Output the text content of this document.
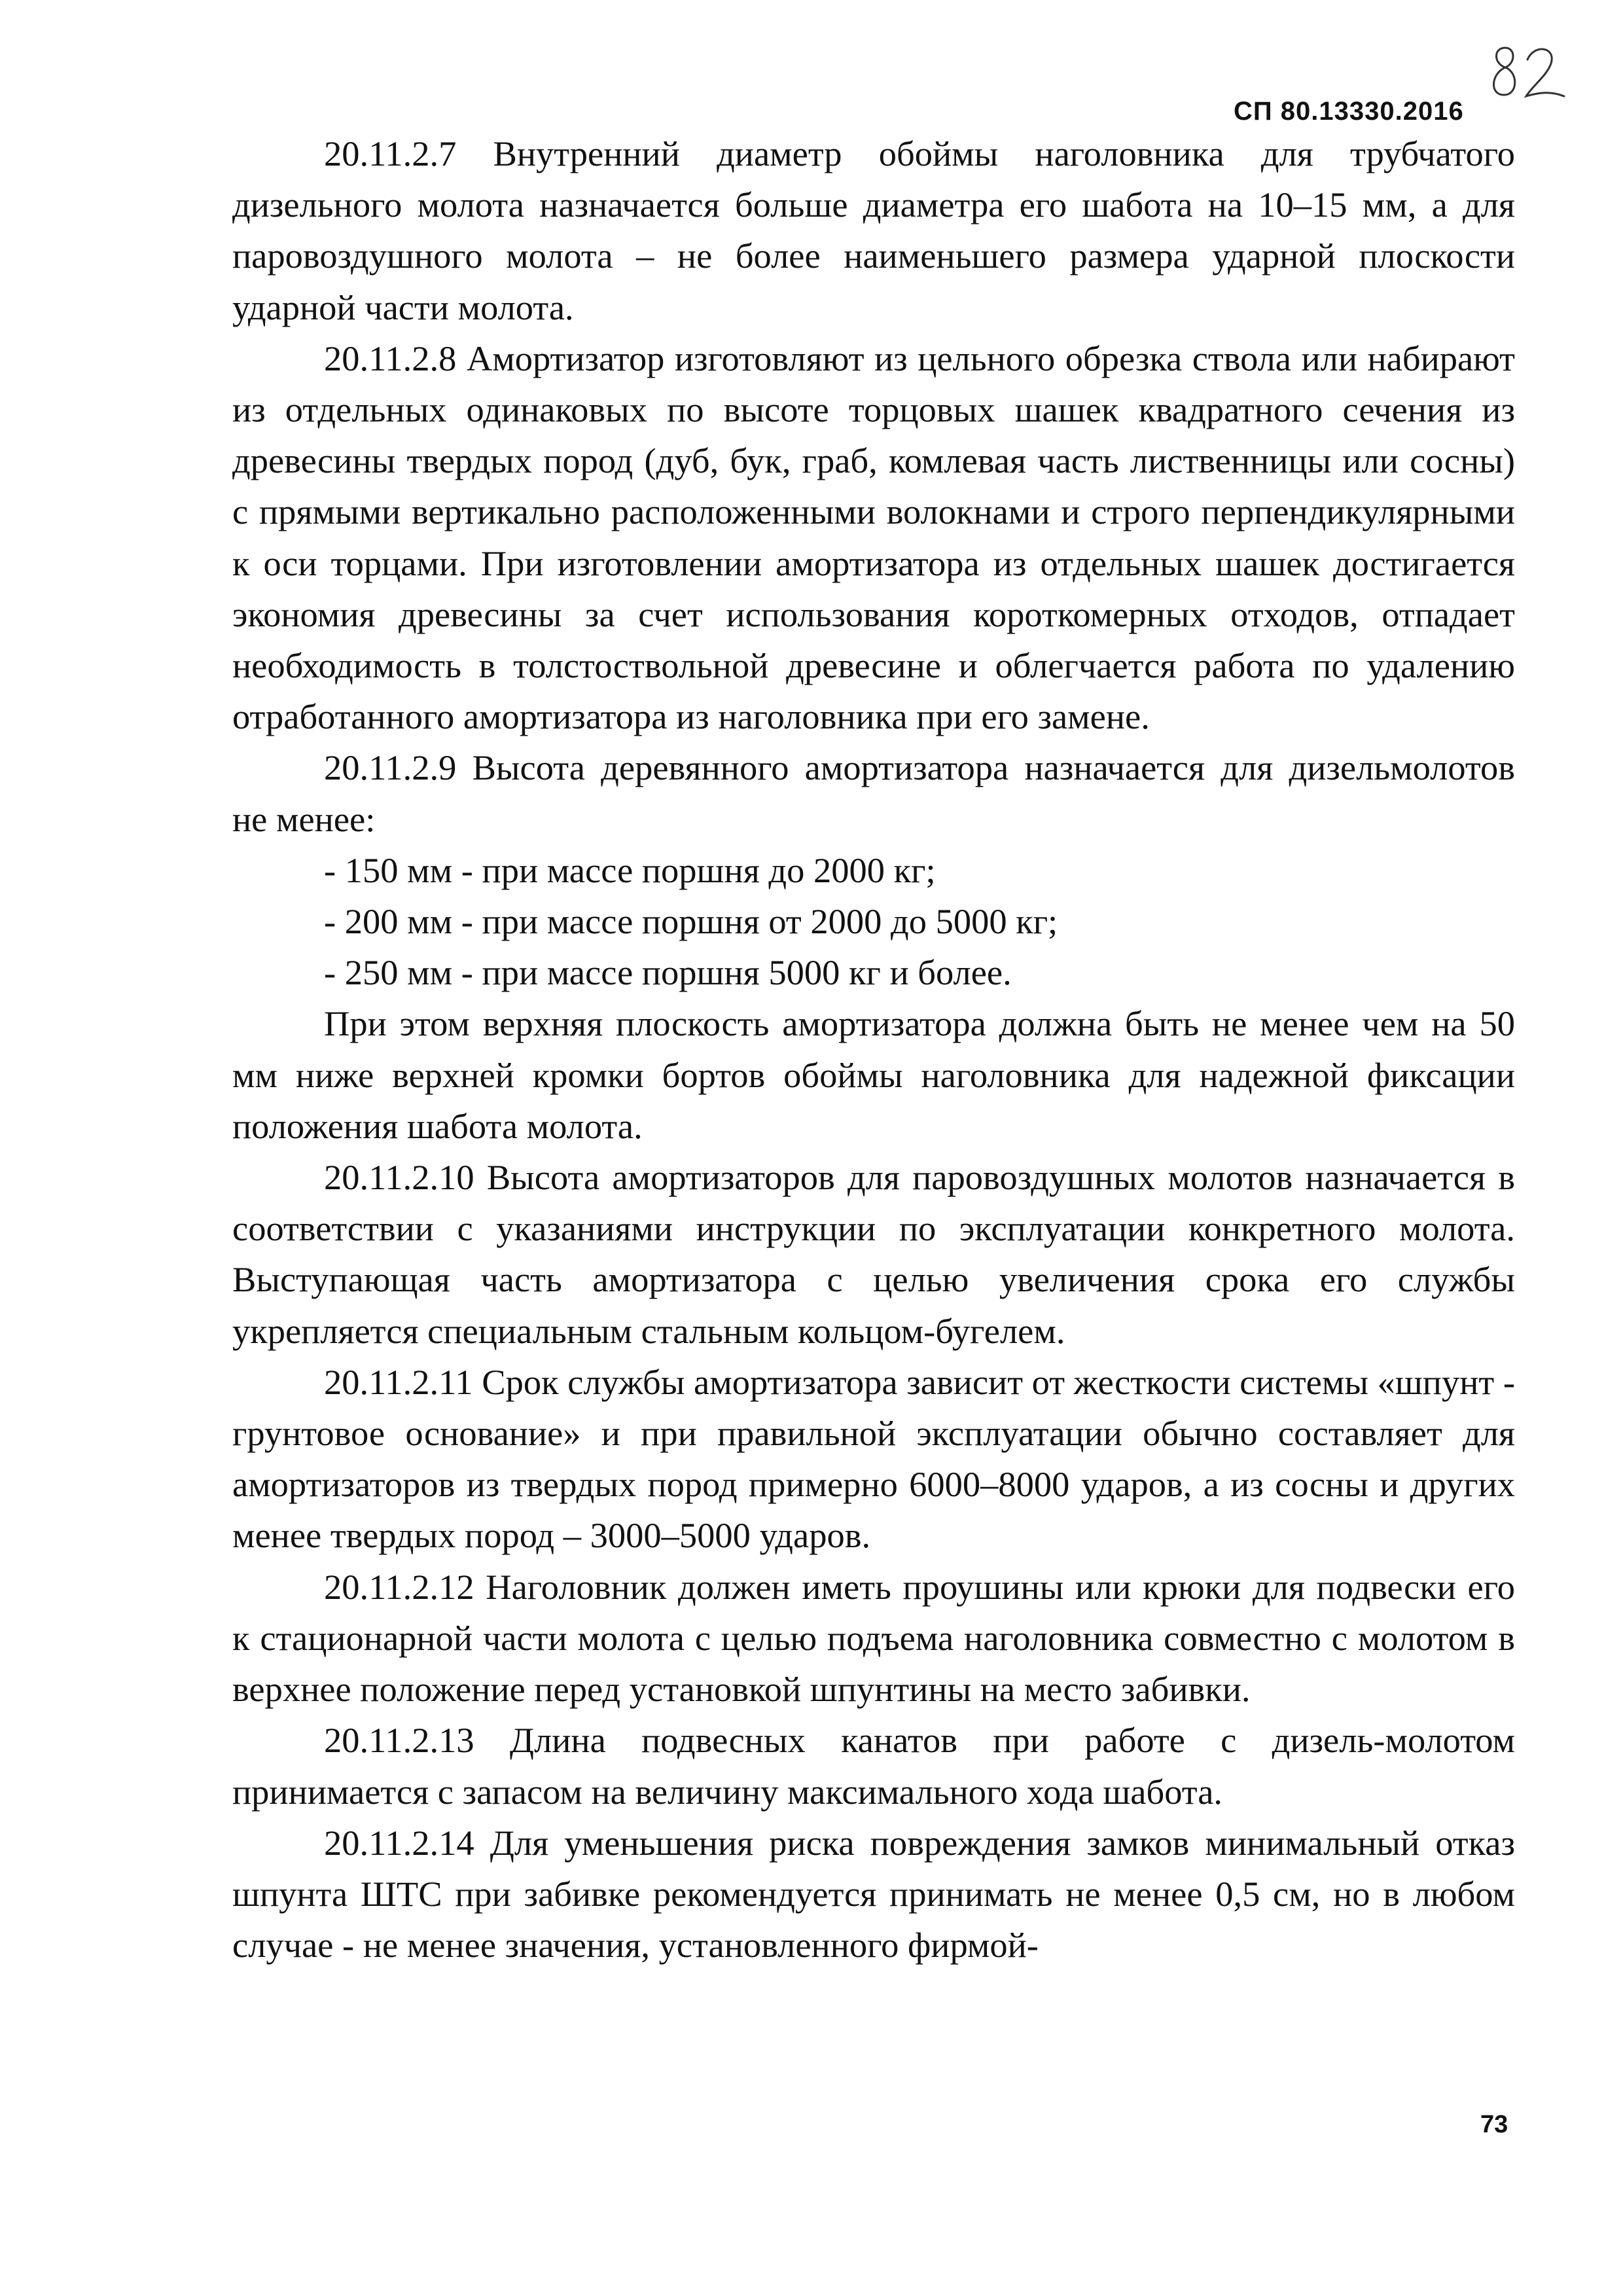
СП 80.13330.2016

20.11.2.7 Внутренний диаметр обоймы наголовника для трубчатого дизельного молота назначается больше диаметра его шабота на 10–15 мм, а для паровоздушного молота – не более наименьшего размера ударной плоскости ударной части молота.

20.11.2.8 Амортизатор изготовляют из цельного обрезка ствола или набирают из отдельных одинаковых по высоте торцовых шашек квадратного сечения из древесины твердых пород (дуб, бук, граб, комлевая часть лиственницы или сосны) с прямыми вертикально расположенными волокнами и строго перпендикулярными к оси торцами. При изготовлении амортизатора из отдельных шашек достигается экономия древесины за счет использования короткомерных отходов, отпадает необходимость в толстоствольной древесине и облегчается работа по удалению отработанного амортизатора из наголовника при его замене.

20.11.2.9 Высота деревянного амортизатора назначается для дизельмолотов не менее:

- 150 мм - при массе поршня до 2000 кг;

- 200 мм - при массе поршня от 2000 до 5000 кг;

- 250 мм - при массе поршня 5000 кг и более.

При этом верхняя плоскость амортизатора должна быть не менее чем на 50 мм ниже верхней кромки бортов обоймы наголовника для надежной фиксации положения шабота молота.

20.11.2.10 Высота амортизаторов для паровоздушных молотов назначается в соответствии с указаниями инструкции по эксплуатации конкретного молота. Выступающая часть амортизатора с целью увеличения срока его службы укрепляется специальным стальным кольцом-бугелем.

20.11.2.11 Срок службы амортизатора зависит от жесткости системы «шпунт - грунтовое основание» и при правильной эксплуатации обычно составляет для амортизаторов из твердых пород примерно 6000–8000 ударов, а из сосны и других менее твердых пород – 3000–5000 ударов.

20.11.2.12 Наголовник должен иметь проушины или крюки для подвески его к стационарной части молота с целью подъема наголовника совместно с молотом в верхнее положение перед установкой шпунтины на место забивки.

20.11.2.13 Длина подвесных канатов при работе с дизель-молотом принимается с запасом на величину максимального хода шабота.

20.11.2.14 Для уменьшения риска повреждения замков минимальный отказ шпунта ШТС при забивке рекомендуется принимать не менее 0,5 см, но в любом случае - не менее значения, установленного фирмой-

73
